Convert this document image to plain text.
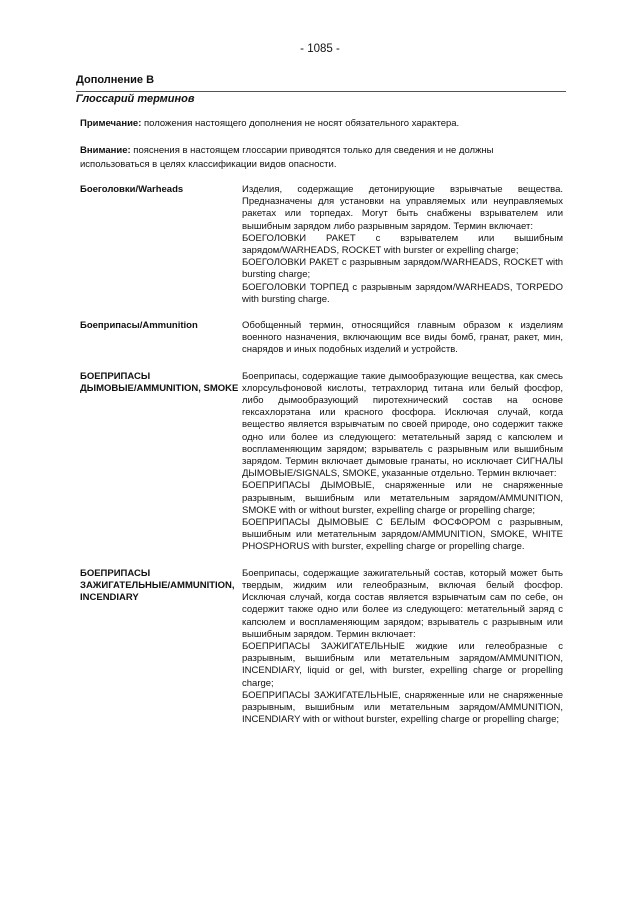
- 1085 -
Дополнение В
Глоссарий терминов
Примечание: положения настоящего дополнения не носят обязательного характера.
Внимание: пояснения в настоящем глоссарии приводятся только для сведения и не должны использоваться в целях классификации видов опасности.
Боеголовки/Warheads	Изделия, содержащие детонирующие взрывчатые вещества. Предназначены для установки на управляемых или неуправляемых ракетах или торпедах. Могут быть снабжены взрывателем или вышибным зарядом либо разрывным зарядом. Термин включает:

БОЕГОЛОВКИ РАКЕТ с взрывателем или вышибным зарядом/WARHEADS, ROCKET with burster or expelling charge;

БОЕГОЛОВКИ РАКЕТ с разрывным зарядом/WARHEADS, ROCKET with bursting charge;

БОЕГОЛОВКИ ТОРПЕД с разрывным зарядом/WARHEADS, TORPEDO with bursting charge.

Боеприпасы/Ammunition	Обобщенный термин, относящийся главным образом к изделиям военного назначения, включающим все виды бомб, гранат, ракет, мин, снарядов и иных подобных изделий и устройств.

БОЕПРИПАСЫ ДЫМОВЫЕ/AMMUNITION, SMOKE

Боеприпасы, содержащие такие дымообразующие вещества, как смесь хлорсульфоновой кислоты, тетрахлорид титана или белый фосфор, либо дымообразующий пиротехнический состав на основе гексахлорэтана или красного фосфора. Исключая случай, когда вещество является взрывчатым по своей природе, оно содержит также одно или более из следующего: метательный заряд с капсюлем и воспламеняющим зарядом; взрыватель с разрывным или вышибным зарядом. Термин включает дымовые гранаты, но исключает СИГНАЛЫ ДЫМОВЫЕ/SIGNALS, SMOKE, указанные отдельно. Термин включает:

БОЕПРИПАСЫ ДЫМОВЫЕ, снаряженные или не снаряженные разрывным, вышибным или метательным зарядом/AMMUNITION, SMOKE with or without burster, expelling charge or propelling charge;

БОЕПРИПАСЫ ДЫМОВЫЕ С БЕЛЫМ ФОСФОРОМ с разрывным, вышибным или метательным зарядом/AMMUNITION, SMOKE, WHITE PHOSPHORUS with burster, expelling charge or propelling charge.

БОЕПРИПАСЫ ЗАЖИГАТЕЛЬНЫЕ/AMMUNITION, INCENDIARY

Боеприпасы, содержащие зажигательный состав, который может быть твердым, жидким или гелеобразным, включая белый фосфор. Исключая случай, когда состав является взрывчатым сам по себе, он содержит также одно или более из следующего: метательный заряд с капсюлем и воспламеняющим зарядом; взрыватель с разрывным или вышибным зарядом. Термин включает:

БОЕПРИПАСЫ ЗАЖИГАТЕЛЬНЫЕ жидкие или гелеобразные с разрывным, вышибным или метательным зарядом/AMMUNITION, INCENDIARY, liquid or gel, with burster, expelling charge or propelling charge;

БОЕПРИПАСЫ ЗАЖИГАТЕЛЬНЫЕ, снаряженные или не снаряженные разрывным, вышибным или метательным зарядом/AMMUNITION, INCENDIARY with or without burster, expelling charge or propelling charge;
